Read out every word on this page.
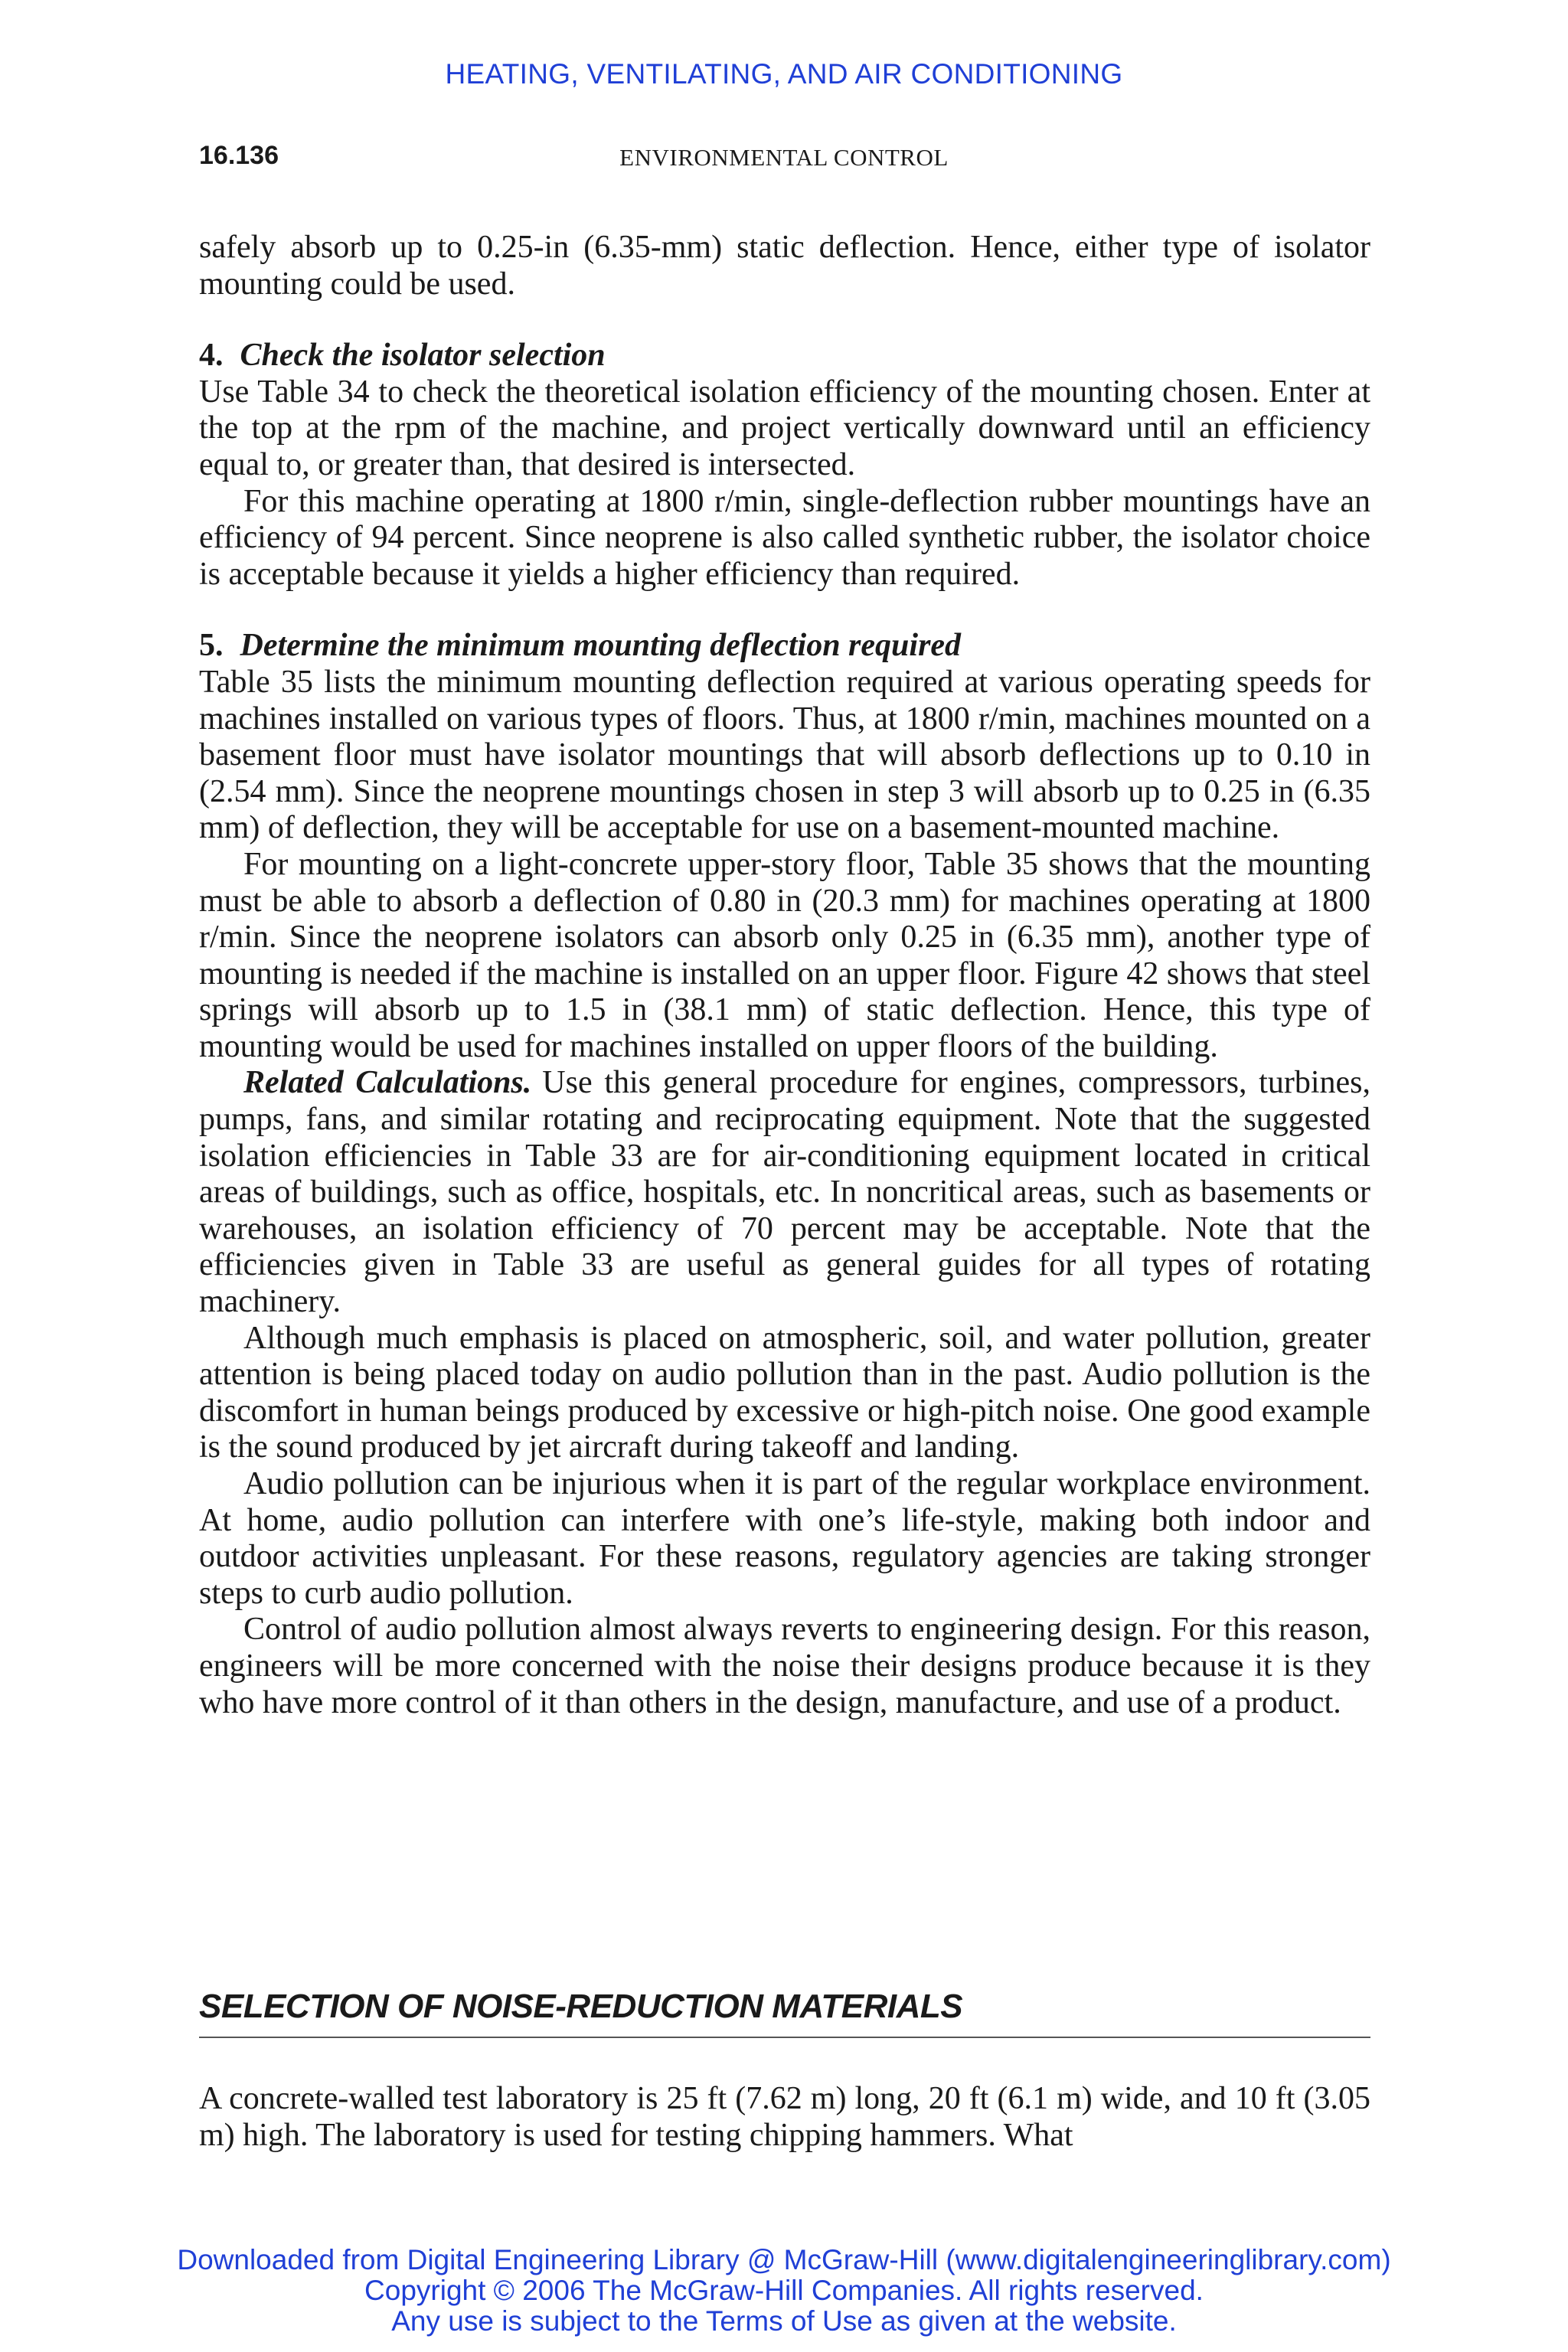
HEATING, VENTILATING, AND AIR CONDITIONING
16.136	ENVIRONMENTAL CONTROL

safely absorb up to 0.25-in (6.35-mm) static deflection. Hence, either type of isolator mounting could be used.

4. Check the isolator selection

Use Table 34 to check the theoretical isolation efficiency of the mounting chosen. Enter at the top at the rpm of the machine, and project vertically downward until an efficiency equal to, or greater than, that desired is intersected.

For this machine operating at 1800 r/min, single-deflection rubber mountings have an efficiency of 94 percent. Since neoprene is also called synthetic rubber, the isolator choice is acceptable because it yields a higher efficiency than required.

5. Determine the minimum mounting deflection required

Table 35 lists the minimum mounting deflection required at various operating speeds for machines installed on various types of floors. Thus, at 1800 r/min, machines mounted on a basement floor must have isolator mountings that will absorb deflections up to 0.10 in (2.54 mm). Since the neoprene mountings chosen in step 3 will absorb up to 0.25 in (6.35 mm) of deflection, they will be acceptable for use on a basement-mounted machine.

For mounting on a light-concrete upper-story floor, Table 35 shows that the mounting must be able to absorb a deflection of 0.80 in (20.3 mm) for machines operating at 1800 r/min. Since the neoprene isolators can absorb only 0.25 in (6.35 mm), another type of mounting is needed if the machine is installed on an upper floor. Figure 42 shows that steel springs will absorb up to 1.5 in (38.1 mm) of static deflection. Hence, this type of mounting would be used for machines installed on upper floors of the building.

Related Calculations. Use this general procedure for engines, compressors, turbines, pumps, fans, and similar rotating and reciprocating equipment. Note that the suggested isolation efficiencies in Table 33 are for air-conditioning equipment located in critical areas of buildings, such as office, hospitals, etc. In noncritical areas, such as basements or warehouses, an isolation efficiency of 70 percent may be acceptable. Note that the efficiencies given in Table 33 are useful as general guides for all types of rotating machinery.

Although much emphasis is placed on atmospheric, soil, and water pollution, greater attention is being placed today on audio pollution than in the past. Audio pollution is the discomfort in human beings produced by excessive or high-pitch noise. One good example is the sound produced by jet aircraft during takeoff and landing.

Audio pollution can be injurious when it is part of the regular workplace environment. At home, audio pollution can interfere with one’s life-style, making both indoor and outdoor activities unpleasant. For these reasons, regulatory agencies are taking stronger steps to curb audio pollution.

Control of audio pollution almost always reverts to engineering design. For this reason, engineers will be more concerned with the noise their designs produce because it is they who have more control of it than others in the design, manufacture, and use of a product.

SELECTION OF NOISE-REDUCTION MATERIALS

A concrete-walled test laboratory is 25 ft (7.62 m) long, 20 ft (6.1 m) wide, and 10 ft (3.05 m) high. The laboratory is used for testing chipping hammers. What

Downloaded from Digital Engineering Library @ McGraw-Hill (www.digitalengineeringlibrary.com)
Copyright © 2006 The McGraw-Hill Companies. All rights reserved.
Any use is subject to the Terms of Use as given at the website.
